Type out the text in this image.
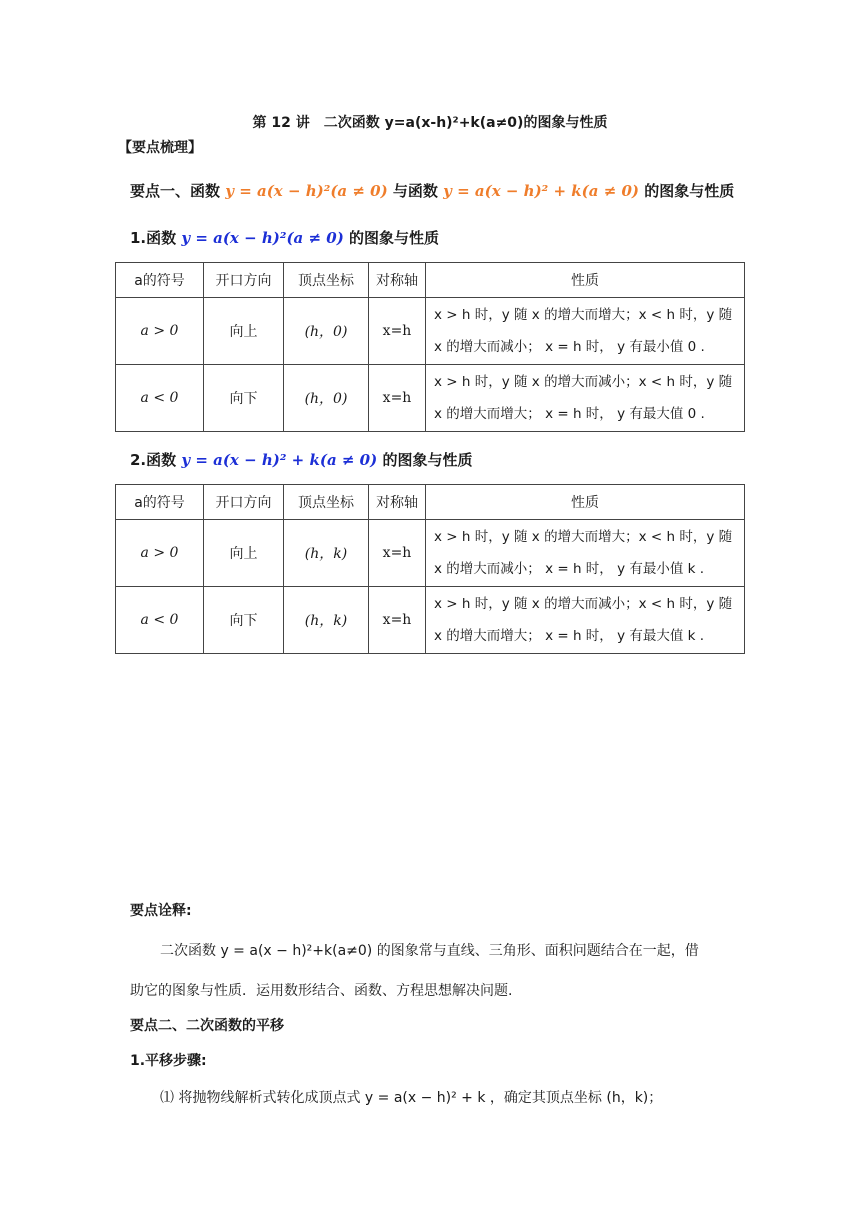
第 12 讲　二次函数 y=a(x-h)²+k(a≠0)的图象与性质
【要点梳理】
要点一、函数 y = a(x − h)²(a ≠ 0) 与函数 y = a(x − h)² + k(a ≠ 0) 的图象与性质
1.函数 y = a(x − h)²(a ≠ 0) 的图象与性质
a的符号	开口方向	顶点坐标	对称轴	性质
a > 0	向上	(h，0)	x=h	x > h 时，y 随 x 的增大而增大；x < h 时，y 随

x 的增大而减小； x = h 时， y 有最小值 0 .

a < 0	向下	(h，0)	x=h	x > h 时，y 随 x 的增大而减小；x < h 时，y 随

x 的增大而增大； x = h 时， y 有最大值 0 .

2.函数 y = a(x − h)² + k(a ≠ 0) 的图象与性质
a的符号	开口方向	顶点坐标	对称轴	性质
a > 0	向上	(h，k)	x=h	x > h 时，y 随 x 的增大而增大；x < h 时，y 随

x 的增大而减小； x = h 时， y 有最小值 k .

a < 0	向下	(h，k)	x=h	x > h 时，y 随 x 的增大而减小；x < h 时，y 随

x 的增大而增大； x = h 时， y 有最大值 k .

要点诠释:
二次函数 y = a(x − h)²+k(a≠0) 的图象常与直线、三角形、面积问题结合在一起，借
助它的图象与性质．运用数形结合、函数、方程思想解决问题.
要点二、二次函数的平移
1.平移步骤:
⑴ 将抛物线解析式转化成顶点式 y = a(x − h)² + k ，确定其顶点坐标 (h，k)；
